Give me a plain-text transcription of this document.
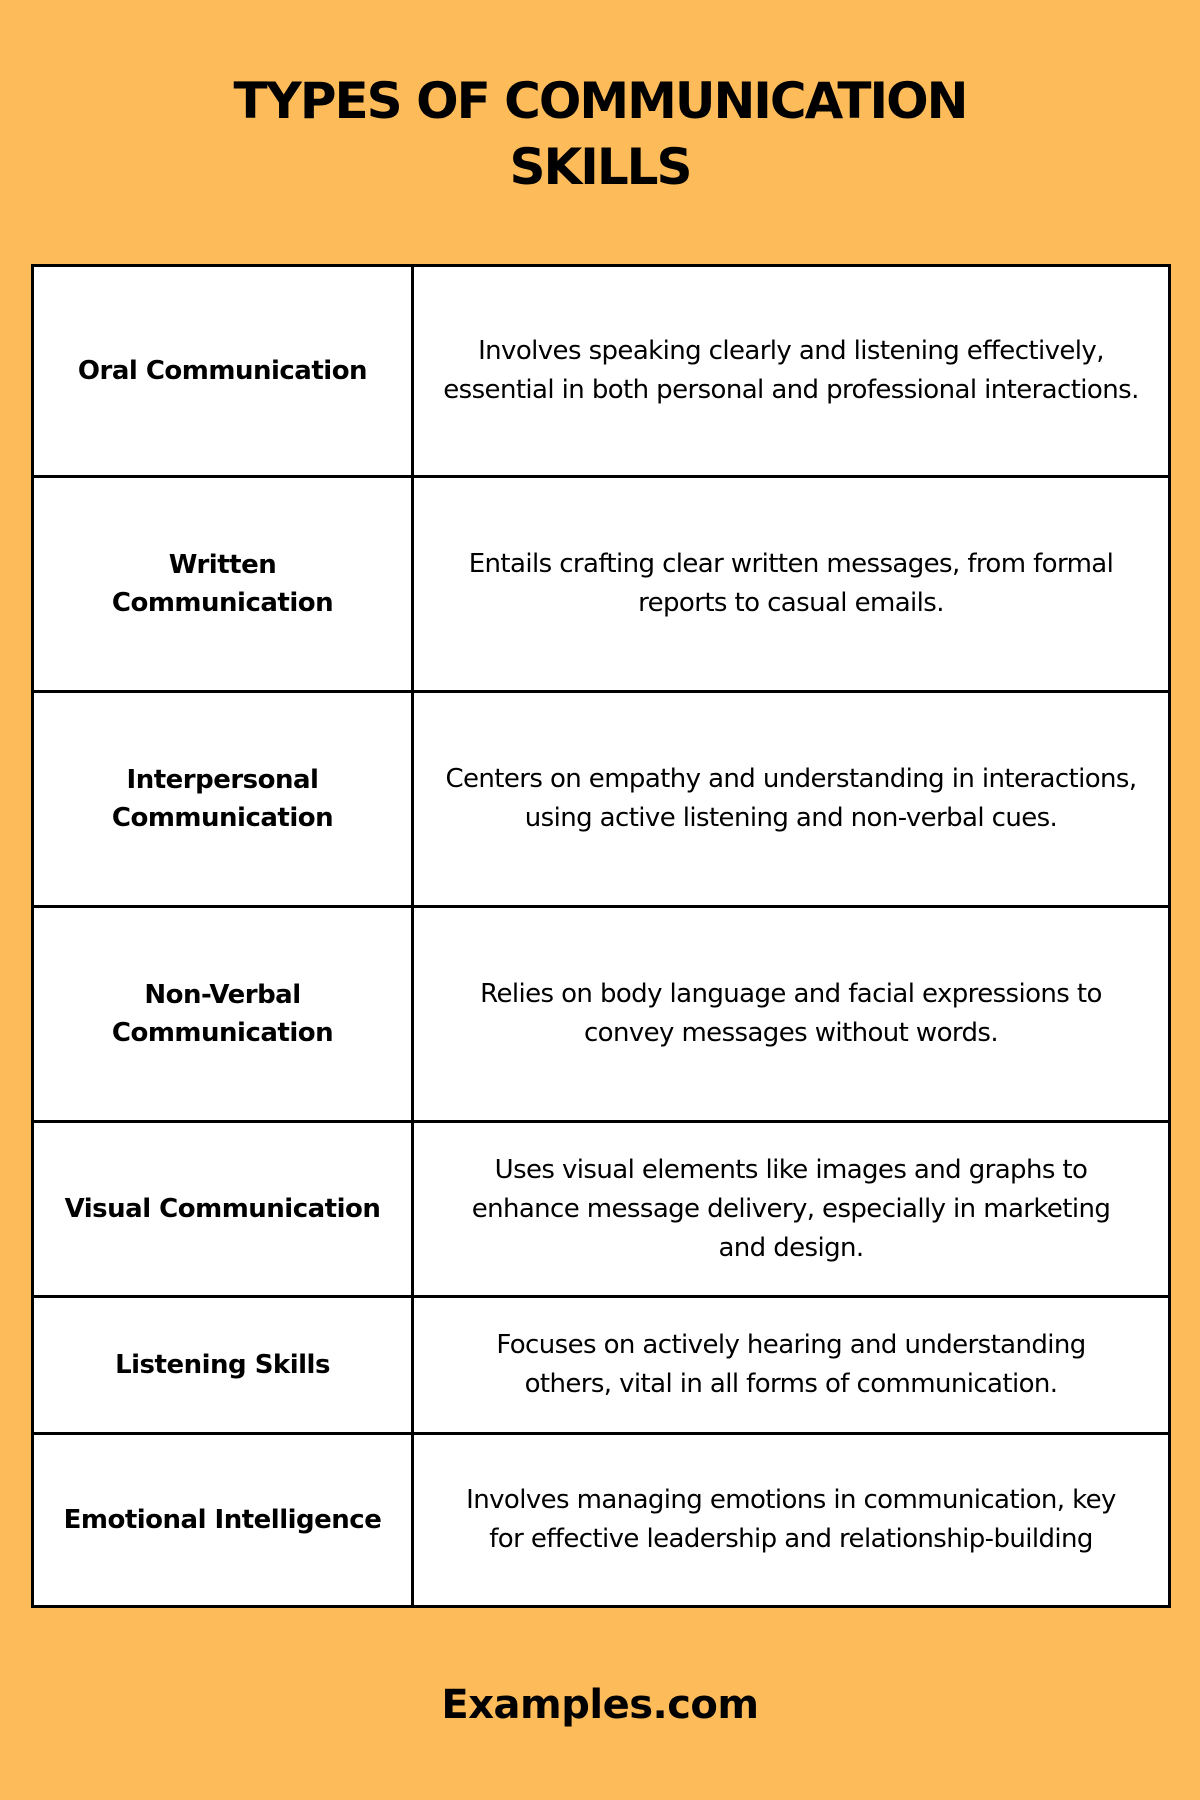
TYPES OF COMMUNICATION
SKILLS
Oral Communication
Involves speaking clearly and listening effectively, essential in both personal and professional interactions.
Written Communication
Entails crafting clear written messages, from formal reports to casual emails.
Interpersonal Communication
Centers on empathy and understanding in interactions, using active listening and non-verbal cues.
Non-Verbal Communication
Relies on body language and facial expressions to convey messages without words.
Visual Communication
Uses visual elements like images and graphs to enhance message delivery, especially in marketing and design.
Listening Skills
Focuses on actively hearing and understanding others, vital in all forms of communication.
Emotional Intelligence
Involves managing emotions in communication, key for effective leadership and relationship-building
Examples.com
